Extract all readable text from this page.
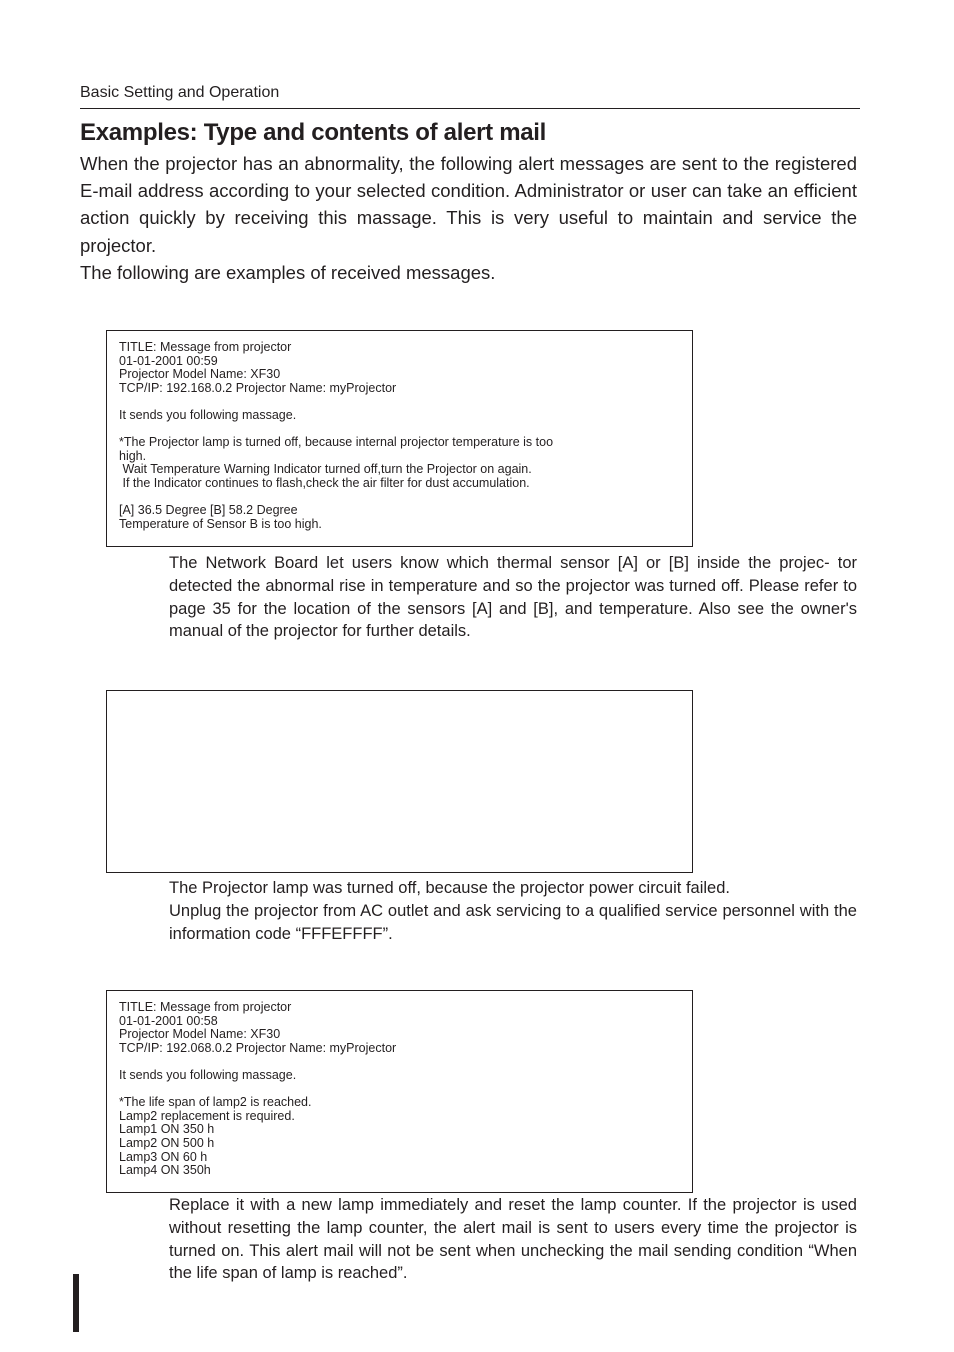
Basic Setting and Operation
Examples: Type and contents of alert mail

When the projector has an abnormality, the following alert messages are sent to the registered E-mail address according to your selected condition. Administrator or user can take an efficient action quickly by receiving this massage. This is very useful to maintain and service the projector.

The following are examples of received messages.

TITLE: Message from projector
01-01-2001 00:59
Projector Model Name: XF30
TCP/IP: 192.168.0.2 Projector Name: myProjector

It sends you following massage.

*The Projector lamp is turned off, because internal projector temperature is too
high.
Wait Temperature Warning Indicator turned off,turn the Projector on again.
If the Indicator continues to flash,check the air filter for dust accumulation.

[A] 36.5 Degree [B] 58.2 Degree
Temperature of Sensor B is too high.

The Network Board let users know which thermal sensor [A] or [B] inside the projec- tor detected the abnormal rise in temperature and so the projector was turned off. Please refer to page 35 for the location of the sensors [A] and [B], and temperature. Also see the owner's manual of the projector for further details.

The Projector lamp was turned off, because the projector power circuit failed.

Unplug the projector from AC outlet and ask servicing to a qualified service personnel with the information code “FFFEFFFF”.

TITLE: Message from projector
01-01-2001 00:58
Projector Model Name: XF30
TCP/IP: 192.068.0.2 Projector Name: myProjector

It sends you following massage.

*The life span of lamp2 is reached.
Lamp2 replacement is required.
Lamp1 ON 350 h
Lamp2 ON 500 h
Lamp3 ON 60 h
Lamp4 ON 350h

Replace it with a new lamp immediately and reset the lamp counter. If the projector is used without resetting the lamp counter, the alert mail is sent to users every time the projector is turned on. This alert mail will not be sent when unchecking the mail sending condition “When the life span of lamp is reached”.
